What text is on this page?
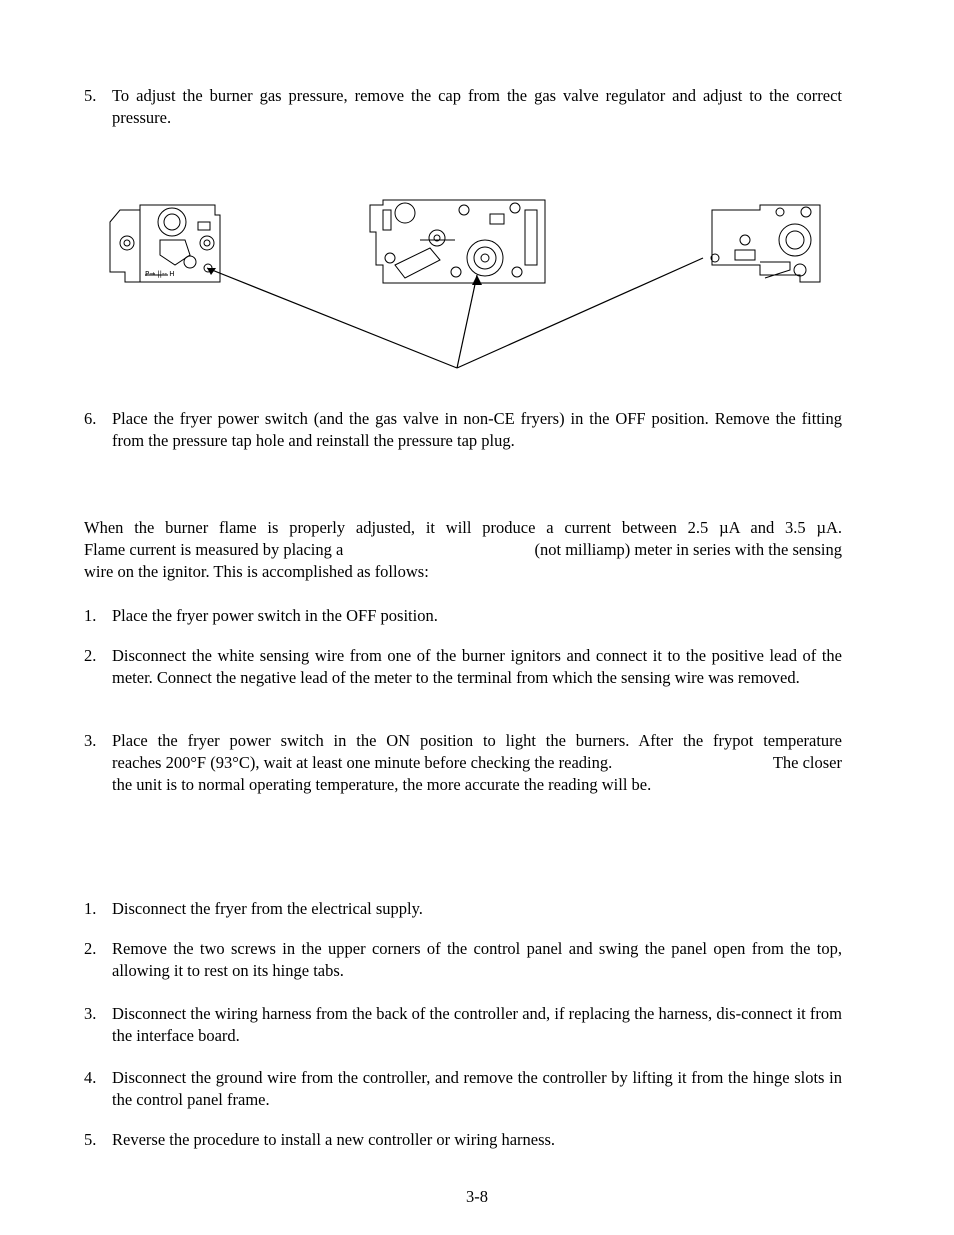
5. To adjust the burner gas pressure, remove the cap from the gas valve regulator and adjust to the correct pressure.
P→ ||-- H
6. Place the fryer power switch (and the gas valve in non-CE fryers) in the OFF position. Remove the fitting from the pressure tap hole and reinstall the pressure tap plug.
When the burner flame is properly adjusted, it will produce a current between 2.5 µA and 3.5 µA.
Flame current is measured by placing a	(not milliamp) meter in series with the sensing
wire on the ignitor. This is accomplished as follows:
1. Place the fryer power switch in the OFF position.
2. Disconnect the white sensing wire from one of the burner ignitors and connect it to the positive lead of the meter. Connect the negative lead of the meter to the terminal from which the sensing wire was removed.
3. Place the fryer power switch in the ON position to light the burners. After the frypot temperature
reaches 200°F (93°C), wait at least one minute before checking the reading.	The closer
the unit is to normal operating temperature, the more accurate the reading will be.
1. Disconnect the fryer from the electrical supply.
2. Remove the two screws in the upper corners of the control panel and swing the panel open from the top, allowing it to rest on its hinge tabs.
3. Disconnect the wiring harness from the back of the controller and, if replacing the harness, dis-connect it from the interface board.
4. Disconnect the ground wire from the controller, and remove the controller by lifting it from the hinge slots in the control panel frame.
5. Reverse the procedure to install a new controller or wiring harness.
3-8
